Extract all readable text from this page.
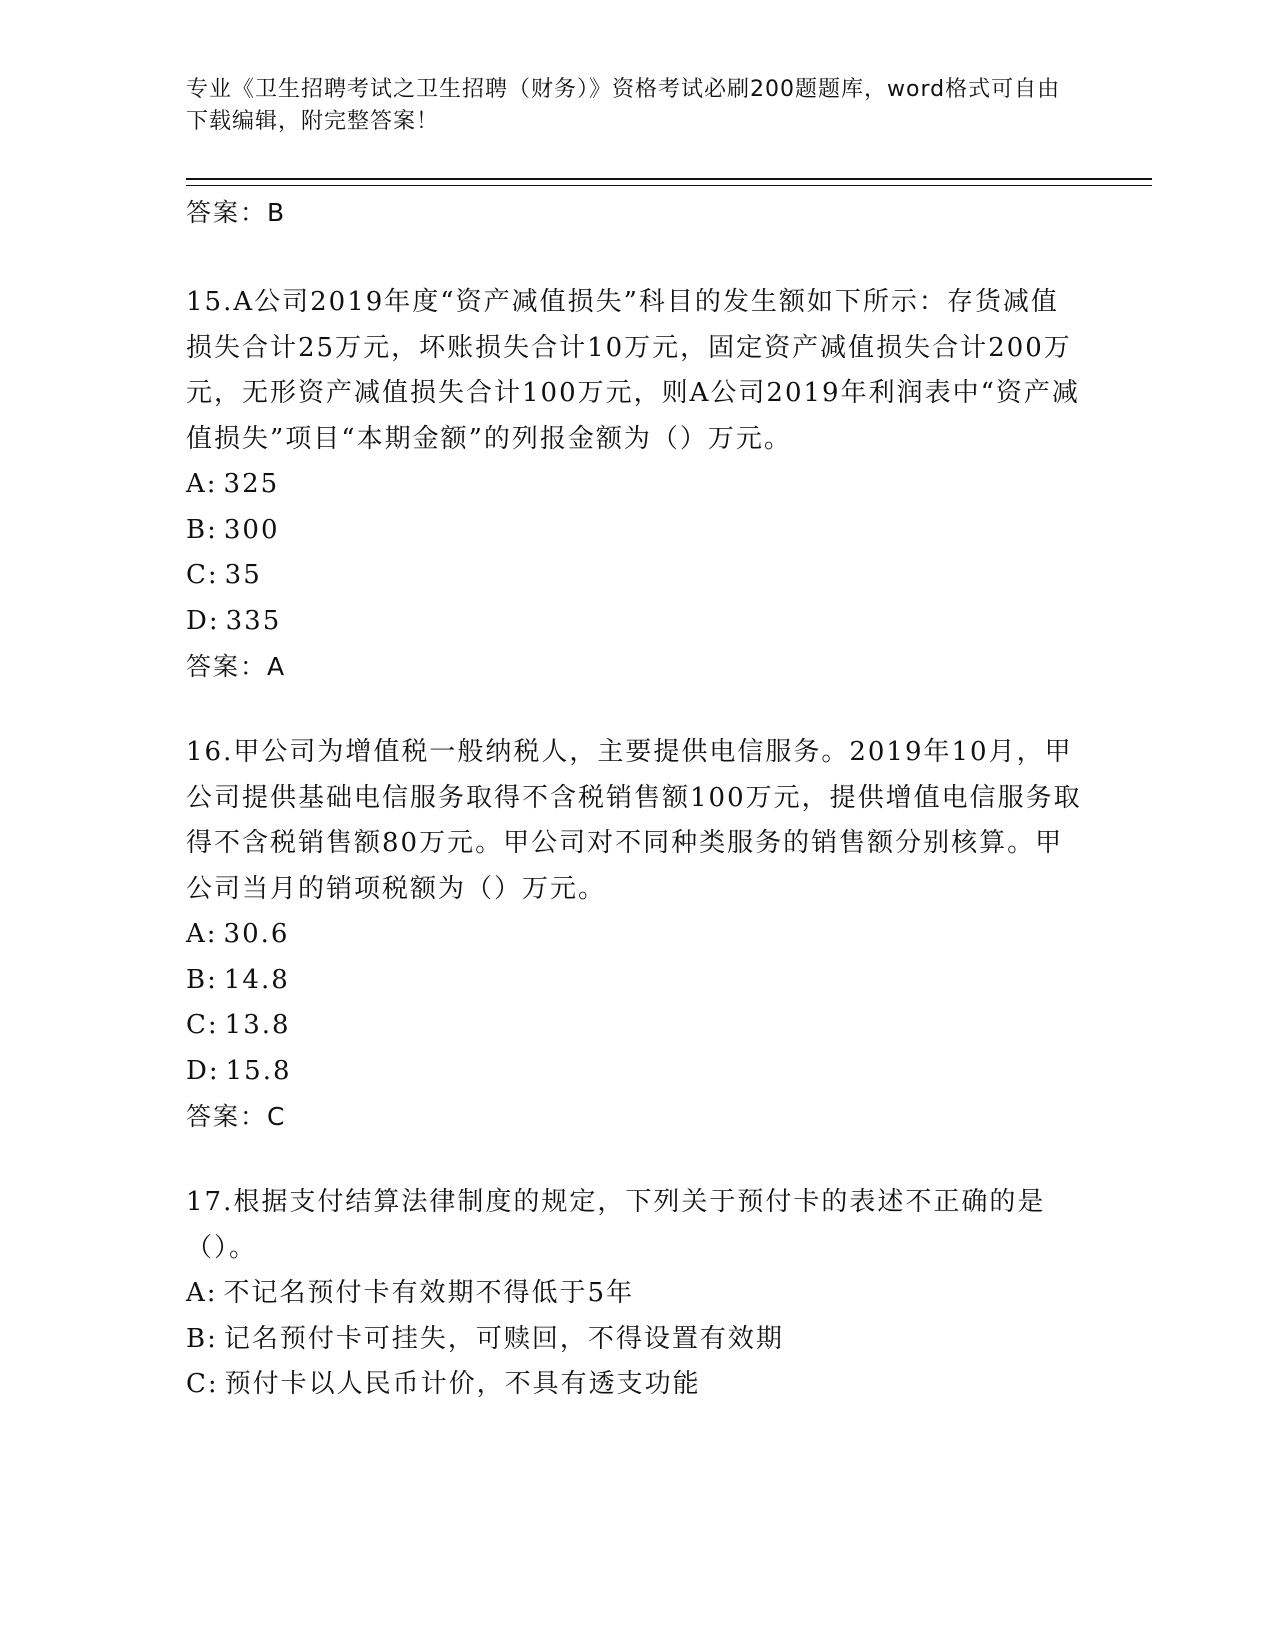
专业《卫生招聘考试之卫生招聘（财务）》资格考试必刷200题题库，word格式可自由下载编辑，附完整答案！
答案：B
15.A公司2019年度“资产减值损失”科目的发生额如下所示：存货减值损失合计25万元，坏账损失合计10万元，固定资产减值损失合计200万元，无形资产减值损失合计100万元，则A公司2019年利润表中“资产减值损失”项目“本期金额”的列报金额为（）万元。
A: 325
B: 300
C: 35
D: 335
答案：A
16.甲公司为增值税一般纳税人，主要提供电信服务。2019年10月，甲公司提供基础电信服务取得不含税销售额100万元，提供增值电信服务取得不含税销售额80万元。甲公司对不同种类服务的销售额分别核算。甲公司当月的销项税额为（）万元。
A: 30.6
B: 14.8
C: 13.8
D: 15.8
答案：C
17.根据支付结算法律制度的规定，下列关于预付卡的表述不正确的是（）。
A: 不记名预付卡有效期不得低于5年
B: 记名预付卡可挂失，可赎回，不得设置有效期
C: 预付卡以人民币计价，不具有透支功能
